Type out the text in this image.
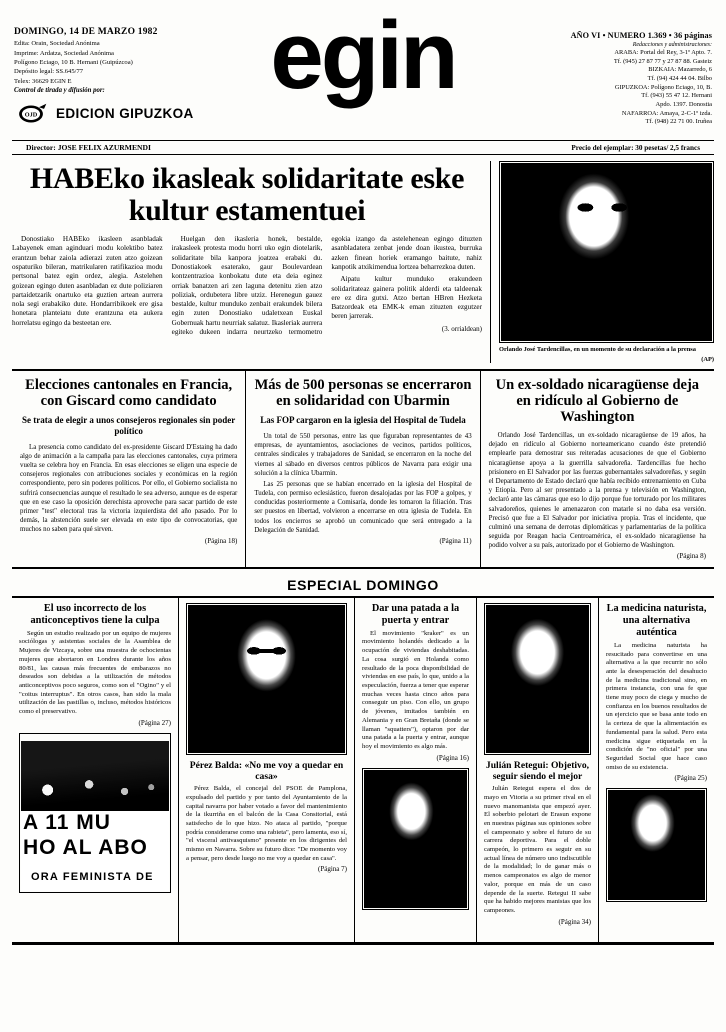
DOMINGO, 14 DE MARZO 1982
Edita: Orain, Sociedad Anónima
Imprime: Ardatza, Sociedad Anónima
Polígono Eciago, 10 B. Hernani (Guipúzcoa)
Depósito legal: SS.645/77
Telex: 36629 EGIN E
Control de tirada y difusión por:
OJD EDICION GIPUZKOA
egin	AÑO VI • NUMERO 1.369 • 36 páginas
Redacciones y administraciones:
ARABA: Portal del Rey, 3-1º Apto. 7.
Tf. (945) 27 87 77 y 27 87 88. Gasteiz
BIZKAIA: Mazarredo, 6
Tf. (94) 424 44 04. Bilbo
GIPUZKOA: Polígono Eciago, 10, B.
Tf. (943) 55 47 12. Hernani
Apdo. 1397. Donostia
NAFARROA: Amaya, 2-C-1º izda.
Tf. (948) 22 71 00. Iruñea
Director: JOSE FELIX AZURMENDI	Precio del ejemplar: 30 pesetas/ 2,5 francs
HABEko ikasleak solidaritate eske kultur estamentuei

Donostiako HABEko ikasleen asanbladak Labayenek eman aginduari modu kolektibo batez erantzun behar zaiola adierazi zuten atzo goizean ospaturiko bileran, matrikularen ratifikazioa modu pertsonal batez egin ordez, alegia. Astelehen goizean egingo duten asanbladan ez dute poliziaren partaidetzarik onartuko eta guztien artean aurrera nola segi erabakiko dute. Hondarribikoek ere gisa honetara planteiatu dute erantzuna eta aukera horrelatsu egingo da besteetan ere.

Huelgan den ikasleria honek, bestalde, irakasleek protesta modu horri uko egin diotelarik, solidaritate bila kanpora joatzea erabaki du. Donostiakoek esaterako, gaur Boulevardean kontzentrazioa konbokatu dute eta deia eginez orriak banatzen ari zen laguna detenitu zien atzo poliziak, ordubetera libre utziz. Herenegun gauez bestalde, kultur munduko zenbait erakundek bilera egin zuten Donostiako udaletxean Euskal Gobernuak hartu neurriak salatuz. Ikasleriak aurrera egiteko dukeen indarra neurtzeko termometro egokia izango da astelehenean egingo dituzten asanbladatera zenbat jende doan ikustea, burruka azken finean horiek eramango baitute, nahiz kanpotik atxikimendua lortzea beharrezkoa duten.

Aipatu kultur munduko erakundeen solidaritateaz gainera politik alderdi eta taldeenak ere ez dira gutxi. Atzo bertan HBren Hezketa Batzordeak eta EMK-k eman zituzten ezgutzer beren jarrerak.

(3. orrialdean)
Orlando José Tardencillas, en un momento de su declaración a la prensa
(AP)
Elecciones cantonales en Francia, con Giscard como candidato
Se trata de elegir a unos consejeros regionales sin poder político

La presencia como candidato del ex-presidente Giscard D'Estaing ha dado algo de animación a la campaña para las elecciones cantonales, cuya primera vuelta se celebra hoy en Francia. En esas elecciones se eligen una especie de consejeros regionales con atribuciones sociales y económicas en la región correspondiente, pero sin poderes políticos. Por ello, el Gobierno socialista no sufrirá consecuencias aunque el resultado le sea adverso, aunque es de esperar que en ese caso la oposición derechista aproveche para sacar partido de este primer "test" electoral tras la victoria izquierdista del año pasado. Por lo demás, la abstención suele ser elevada en este tipo de convocatorias, que muchos no saben para qué sirven.

(Página 18)
Más de 500 personas se encerraron en solidaridad con Ubarmin
Las FOP cargaron en la iglesia del Hospital de Tudela

Un total de 550 personas, entre las que figuraban representantes de 43 empresas, de ayuntamientos, asociaciones de vecinos, partidos políticos, centrales sindicales y trabajadores de Sanidad, se encerraron en la noche del viernes al sábado en diversos centros públicos de Navarra para exigir una solución a la clínica Ubarmin.

Las 25 personas que se habían encerrado en la iglesia del Hospital de Tudela, con permiso eclesiástico, fueron desalojadas por las FOP a golpes, y conducidas posteriormente a Comisaría, donde les tomaron la filiación. Tras ser puestos en libertad, volvieron a encerrarse en otra iglesia de Tudela. En todos los encierros se aprobó un comunicado que será entregado a la Delegación de Sanidad.

(Página 11)
Un ex-soldado nicaragüense deja en ridículo al Gobierno de Washington

Orlando José Tardencillas, un ex-soldado nicaragüense de 19 años, ha dejado en ridículo al Gobierno norteamericano cuando éste pretendió emplearle para demostrar sus reiteradas acusaciones de que el Gobierno nicaragüense apoya a la guerrilla salvadoreña. Tardencillas fue hecho prisionero en El Salvador por las fuerzas gubernantales salvadoreñas, y según el Departamento de Estado declaró que había recibido entrenamiento en Cuba y Etiopía. Pero al ser presentado a la prensa y televisión en Washington, declaró ante las cámaras que eso lo dijo porque fue torturado por los militares salvadoreños, quienes le amenazaron con matarle si no daba esa versión. Precisó que fue a El Salvador por iniciativa propia. Tras el incidente, que culminó una semana de derrotas diplomáticas y parlamentarias de la política seguida por Reagan hacia Centroamérica, el ex-soldado nicaragüense ha podido volver a su país, autorizado por el Gobierno de Washington.

(Página 8)
ESPECIAL DOMINGO
El uso incorrecto de los anticonceptivos tiene la culpa

Según un estudio realizado por un equipo de mujeres sociólogas y asistentas sociales de la Asamblea de Mujeres de Vizcaya, sobre una muestra de ochocientas mujeres que abortaron en Londres durante los años 80/81, las causas más frecuentes de embarazos no deseados son debidas a la utilización de métodos anticonceptivos poco seguros, como son el "Ogino" y el "coitus interruptus". En otros casos, han sido la mala utilización de las pastillas o, incluso, métodos históricos como el preservativo.

(Página 27)
A 11 MU
HO AL ABO
ORA FEMINISTA DE
Pérez Balda: «No me voy a quedar en casa»

Pérez Balda, el concejal del PSOE de Pamplona, expulsado del partido y por tanto del Ayuntamiento de la capital navarra por haber votado a favor del mantenimiento de la ikurriña en el balcón de la Casa Consitorial, está satisfecho de lo que hizo. No ataca al partido, "porque podría considerarse como una rabieta", pero lamenta, eso sí, "el visceral antivasquismo" presente en los dirigentes del mismo en Navarra. Sobre su futuro dice: "De momento voy a pensar, pero desde luego no me voy a quedar en casa".

(Página 7)
Dar una patada a la puerta y entrar

El movimiento "kraker" es un movimiento holandés dedicado a la ocupación de viviendas deshabitadas. La cosa surgió en Holanda como resultado de la poca disponibilidad de viviendas en ese país, lo que, unido a la especulación, fuerza a tener que esperar muchas veces hasta cinco años para conseguir un piso. Con ello, un grupo de jóvenes, imitados también en Alemania y en Gran Bretaña (donde se llaman "squatters"), optaron por dar una patada a la puerta y entrar, aunque hoy el movimiento es algo más.

(Página 16)
Julián Retegui: Objetivo, seguir siendo el mejor

Julián Retegui espera el dos de mayo en Vitoria a su primer rival en el nuevo manomanista que empezó ayer. El soberbio pelotari de Erasun expone en nuestras páginas sus opiniones sobre el campeonato y sobre el futuro de su carrera deportiva. Para el doble campeón, lo primero es seguir en su actual línea de número uno indiscutible de la modalidad; lo de ganar más o menos campeonatos es algo de menor valor, porque en más de un caso depende de la suerte. Retegui II sabe que ha habido mejores manistas que los campeones.

(Página 34)
La medicina naturista, una alternativa auténtica

La medicina naturista ha resucitado para convertirse en una alternativa a la que recurrir no sólo ante la desesperación del desahucio de la medicina tradicional sino, en primera instancia, con una fe que tiene muy poco de ciega y mucho de confianza en los buenos resultados de un ejercicio que se basa ante todo en la certeza de que la alimentación es fundamental para la salud. Pero esta medicina sigue etiquetada en la condición de "no oficial" por una Seguridad Social que hace caso omiso de su existencia.

(Página 25)
